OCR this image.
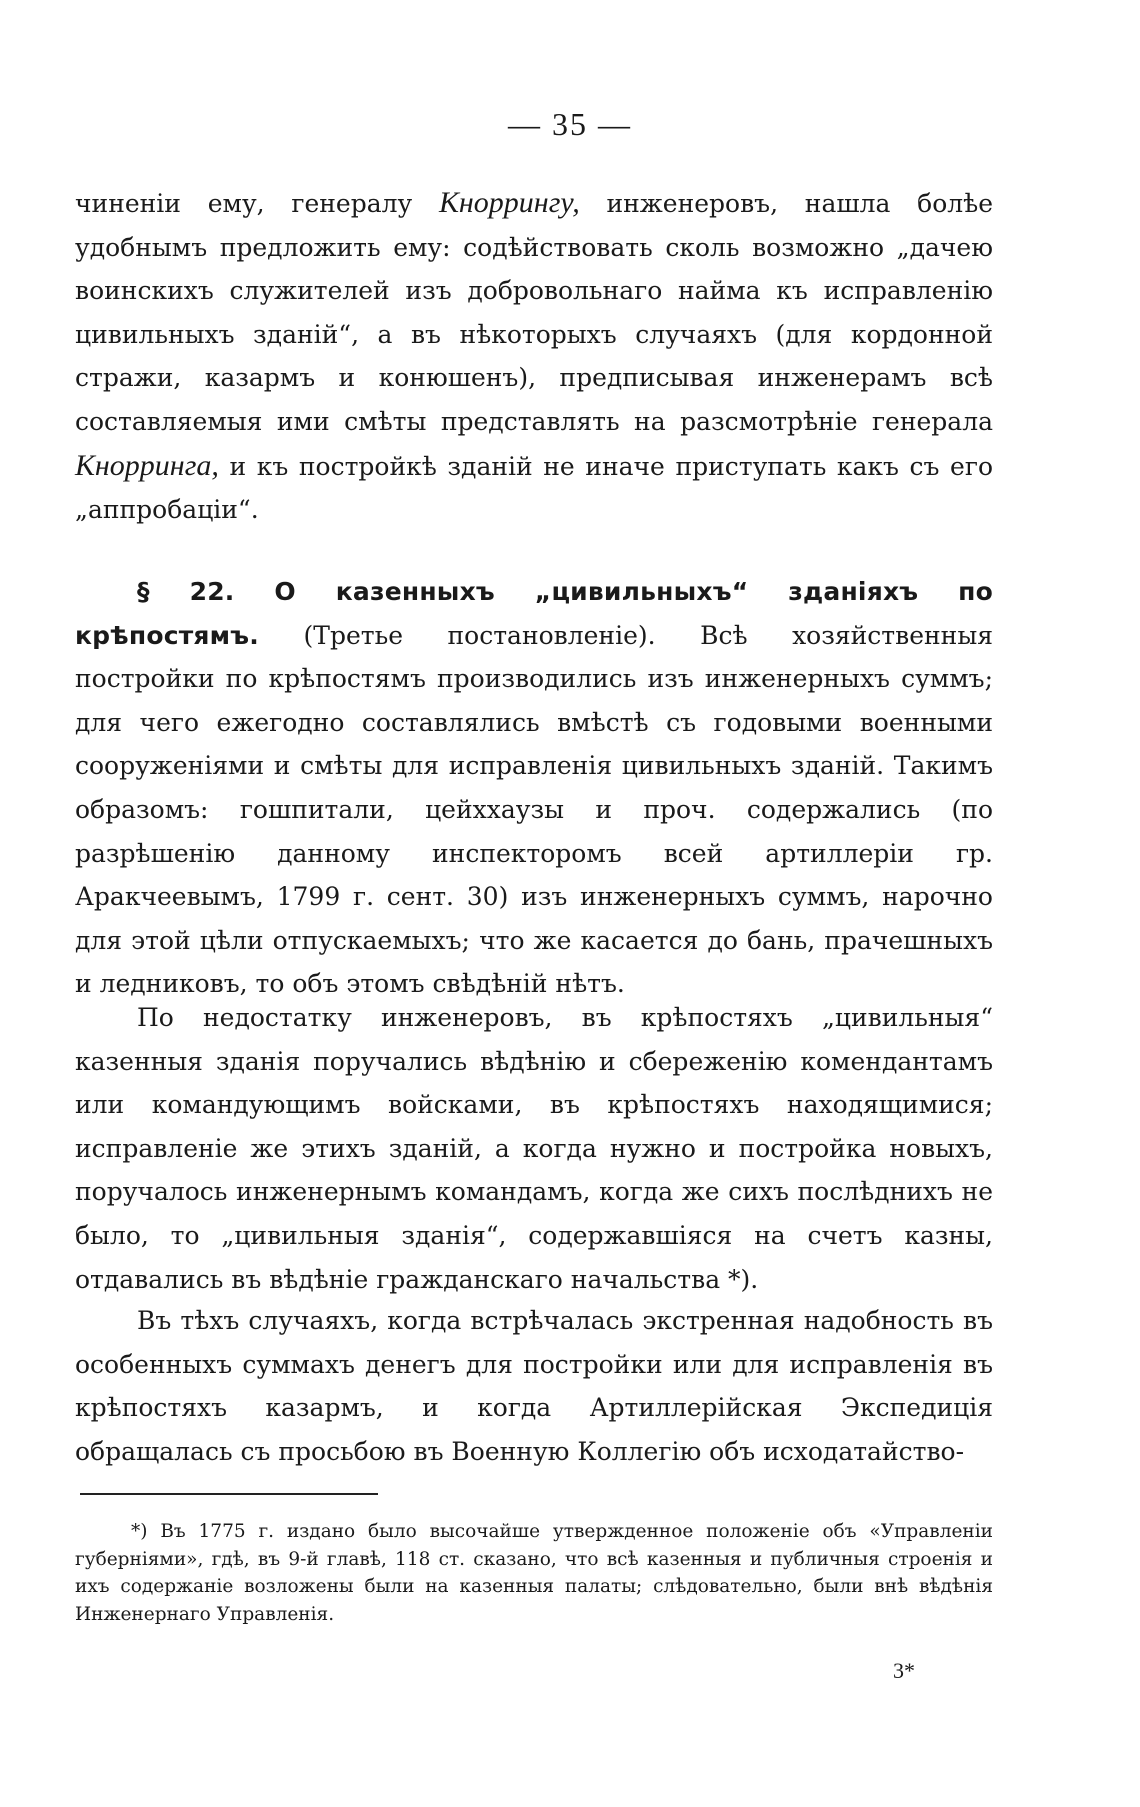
— 35 —

чиненіи ему, генералу Кноррингу, инженеровъ, нашла болѣе удобнымъ предложить ему: содѣйствовать сколь возможно „дачею воинскихъ служителей изъ добровольнаго найма къ исправленію цивильныхъ зданій“, а въ нѣкоторыхъ случаяхъ (для кордонной стражи, казармъ и конюшенъ), предписывая инженерамъ всѣ составляемыя ими смѣты представлять на разсмотрѣніе генерала Кнорринга, и къ постройкѣ зданій не иначе приступать какъ съ его „аппробаціи“.

§ 22. О казенныхъ „цивильныхъ“ зданіяхъ по крѣпостямъ. (Третье постановленіе). Всѣ хозяйственныя постройки по крѣпостямъ производились изъ инженерныхъ суммъ; для чего ежегодно составлялись вмѣстѣ съ годовыми военными сооруженіями и смѣты для исправленія цивильныхъ зданій. Такимъ образомъ: гошпитали, цейххаузы и проч. содержались (по разрѣшенію данному инспекторомъ всей артиллеріи гр. Аракчеевымъ, 1799 г. сент. 30) изъ инженерныхъ суммъ, нарочно для этой цѣли отпускаемыхъ; что же касается до бань, прачешныхъ и ледниковъ, то объ этомъ свѣдѣній нѣтъ.

По недостатку инженеровъ, въ крѣпостяхъ „цивильныя“ казенныя зданія поручались вѣдѣнію и сбереженію комендантамъ или командующимъ войсками, въ крѣпостяхъ находящимися; исправленіе же этихъ зданій, а когда нужно и постройка новыхъ, поручалось инженернымъ командамъ, когда же сихъ послѣднихъ не было, то „цивильныя зданія“, содержавшіяся на счетъ казны, отдавались въ вѣдѣніе гражданскаго начальства *).

Въ тѣхъ случаяхъ, когда встрѣчалась экстренная надобность въ особенныхъ суммахъ денегъ для постройки или для исправленія въ крѣпостяхъ казармъ, и когда Артиллерійская Экспедиція обращалась съ просьбою въ Военную Коллегію объ исходатайство-

*) Въ 1775 г. издано было высочайше утвержденное положеніе объ «Управленіи губерніями», гдѣ, въ 9-й главѣ, 118 ст. сказано, что всѣ казенныя и публичныя строенія и ихъ содержаніе возложены были на казенныя палаты; слѣдовательно, были внѣ вѣдѣнія Инженернаго Управленія.

3*
